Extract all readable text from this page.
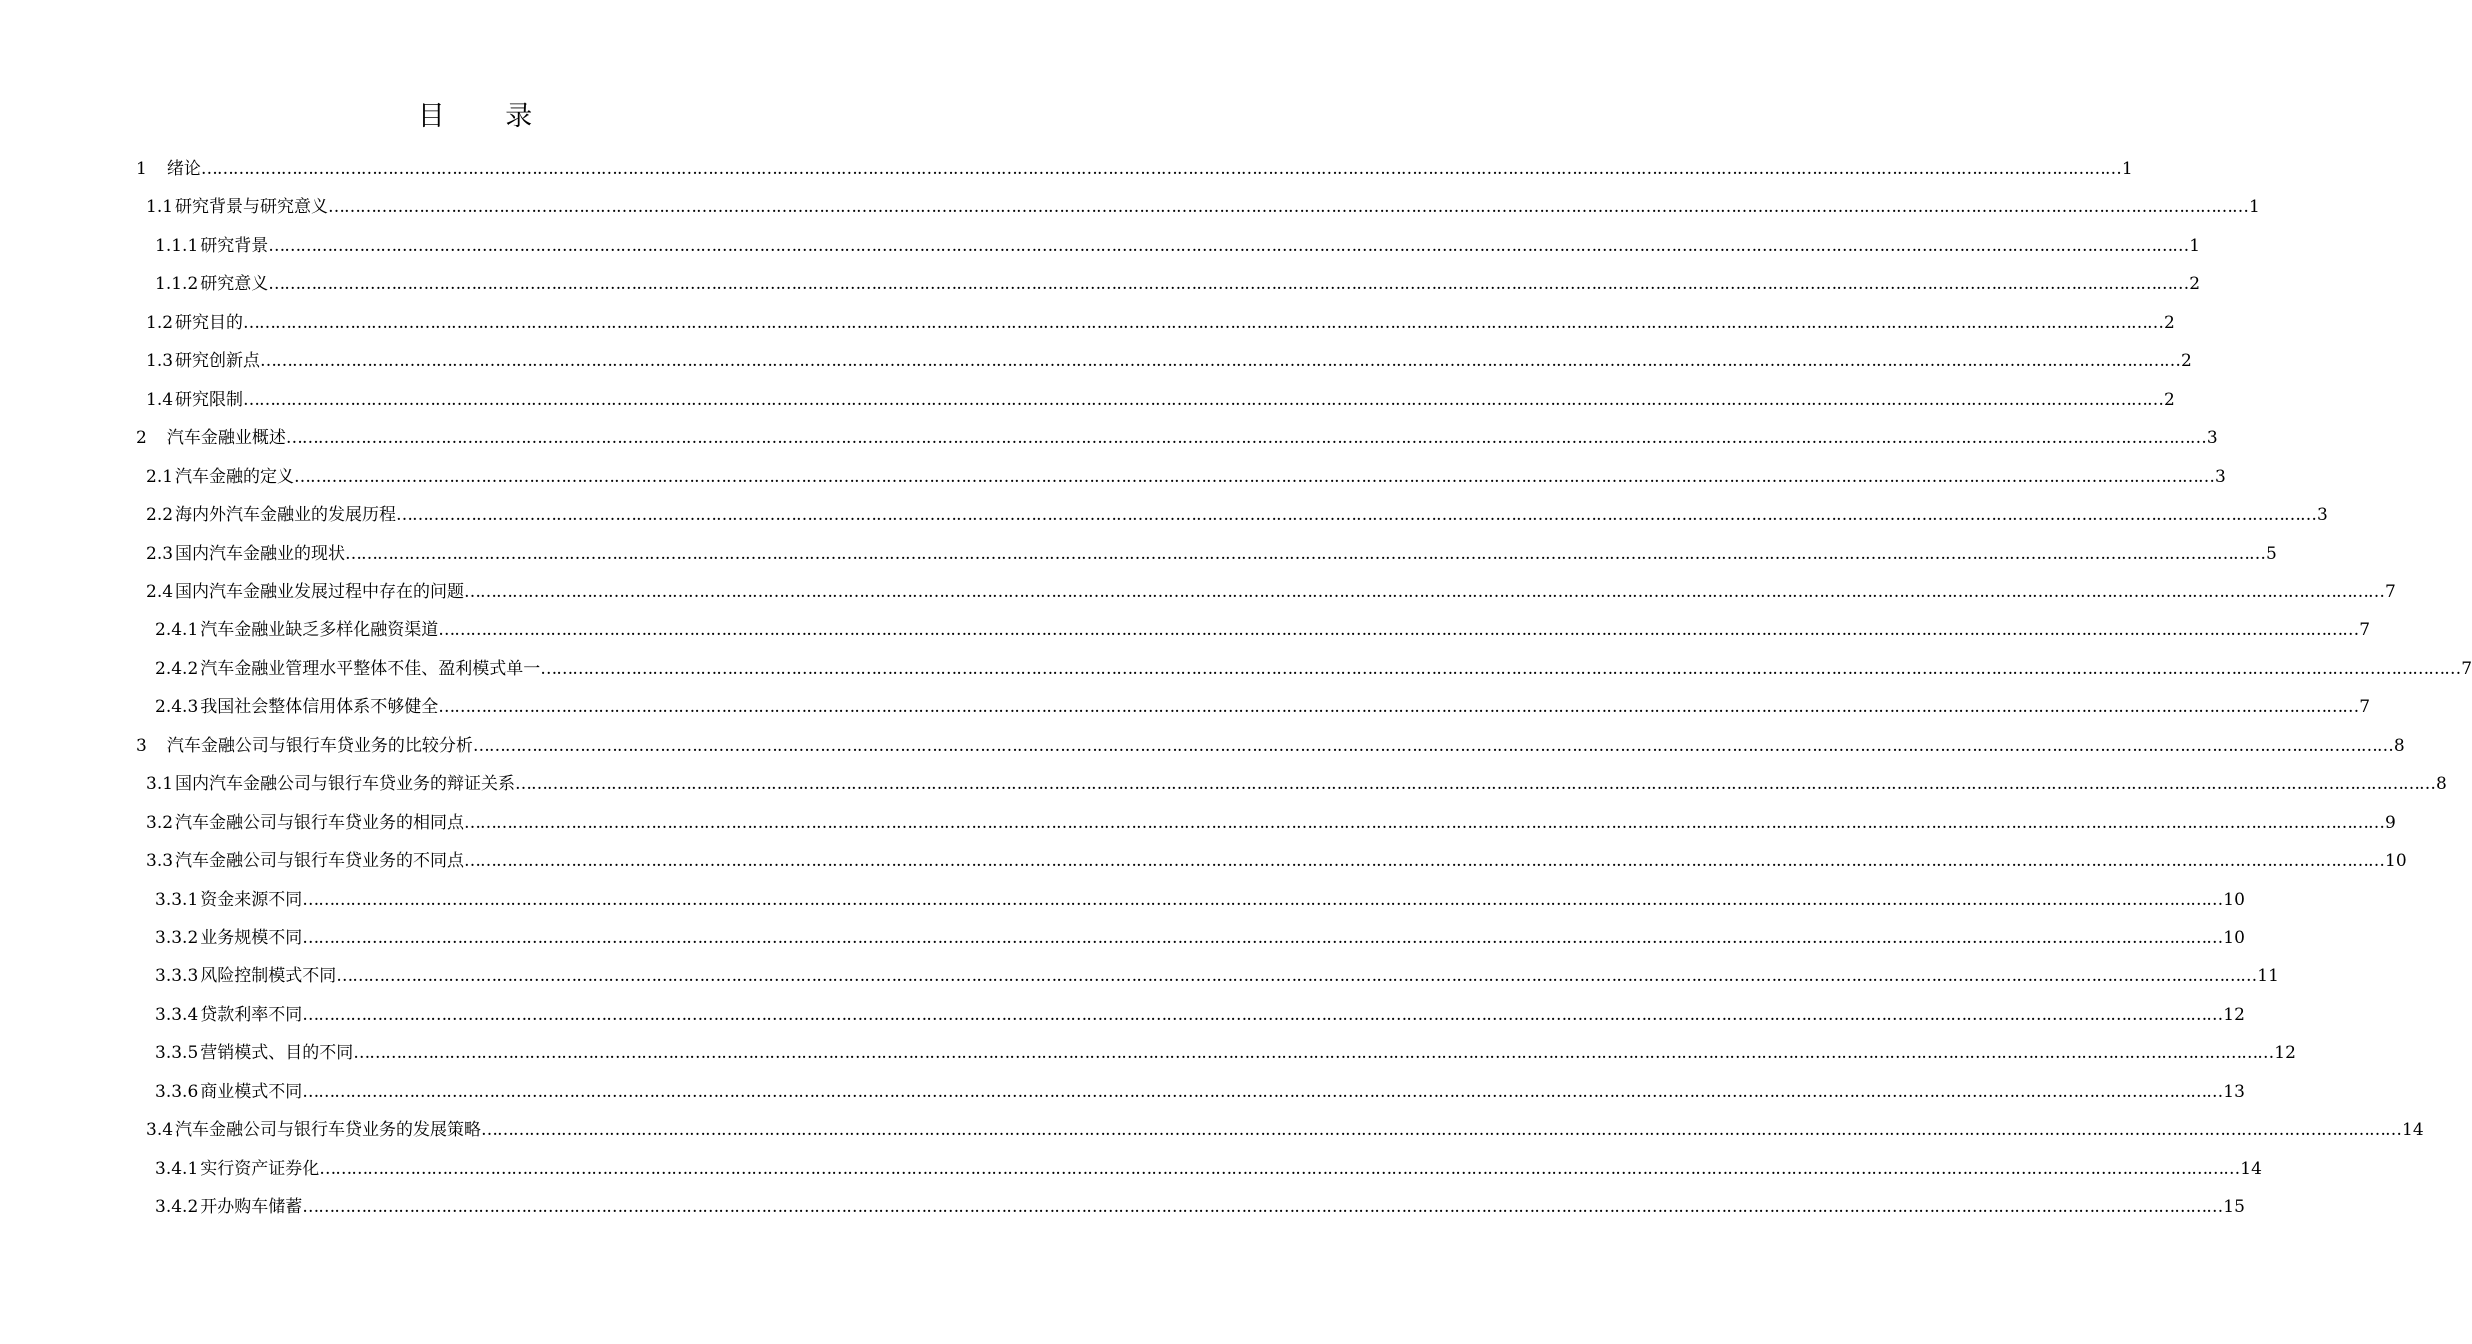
目 录
1 绪论 ……………………………………………………………………………………………………………………………………………………………………………………………………………………………………………………………………………………………………………………………… 1
1.1 研究背景与研究意义 ……………………………………………………………………………………………………………………………………………………………………………………………………………………………………………………………………………………………………………………………… 1
1.1.1 研究背景 ……………………………………………………………………………………………………………………………………………………………………………………………………………………………………………………………………………………………………………………………… 1
1.1.2 研究意义 ……………………………………………………………………………………………………………………………………………………………………………………………………………………………………………………………………………………………………………………………… 2
1.2 研究目的 ……………………………………………………………………………………………………………………………………………………………………………………………………………………………………………………………………………………………………………………………… 2
1.3 研究创新点 ……………………………………………………………………………………………………………………………………………………………………………………………………………………………………………………………………………………………………………………………… 2
1.4 研究限制 ……………………………………………………………………………………………………………………………………………………………………………………………………………………………………………………………………………………………………………………………… 2
2 汽车金融业概述 ……………………………………………………………………………………………………………………………………………………………………………………………………………………………………………………………………………………………………………………………… 3
2.1 汽车金融的定义 ……………………………………………………………………………………………………………………………………………………………………………………………………………………………………………………………………………………………………………………………… 3
2.2 海内外汽车金融业的发展历程 ……………………………………………………………………………………………………………………………………………………………………………………………………………………………………………………………………………………………………………………………… 3
2.3 国内汽车金融业的现状 ……………………………………………………………………………………………………………………………………………………………………………………………………………………………………………………………………………………………………………………………… 5
2.4 国内汽车金融业发展过程中存在的问题 ……………………………………………………………………………………………………………………………………………………………………………………………………………………………………………………………………………………………………………………………… 7
2.4.1 汽车金融业缺乏多样化融资渠道 ……………………………………………………………………………………………………………………………………………………………………………………………………………………………………………………………………………………………………………………………… 7
2.4.2 汽车金融业管理水平整体不佳、盈利模式单一 ……………………………………………………………………………………………………………………………………………………………………………………………………………………………………………………………………………………………………………………………… 7
2.4.3 我国社会整体信用体系不够健全 ……………………………………………………………………………………………………………………………………………………………………………………………………………………………………………………………………………………………………………………………… 7
3 汽车金融公司与银行车贷业务的比较分析 ……………………………………………………………………………………………………………………………………………………………………………………………………………………………………………………………………………………………………………………………… 8
3.1 国内汽车金融公司与银行车贷业务的辩证关系 ……………………………………………………………………………………………………………………………………………………………………………………………………………………………………………………………………………………………………………………………… 8
3.2 汽车金融公司与银行车贷业务的相同点 ……………………………………………………………………………………………………………………………………………………………………………………………………………………………………………………………………………………………………………………………… 9
3.3 汽车金融公司与银行车贷业务的不同点 ……………………………………………………………………………………………………………………………………………………………………………………………………………………………………………………………………………………………………………………………… 10
3.3.1 资金来源不同 ……………………………………………………………………………………………………………………………………………………………………………………………………………………………………………………………………………………………………………………………… 10
3.3.2 业务规模不同 ……………………………………………………………………………………………………………………………………………………………………………………………………………………………………………………………………………………………………………………………… 10
3.3.3 风险控制模式不同 ……………………………………………………………………………………………………………………………………………………………………………………………………………………………………………………………………………………………………………………………… 11
3.3.4 贷款利率不同 ……………………………………………………………………………………………………………………………………………………………………………………………………………………………………………………………………………………………………………………………… 12
3.3.5 营销模式、目的不同 ……………………………………………………………………………………………………………………………………………………………………………………………………………………………………………………………………………………………………………………………… 12
3.3.6 商业模式不同 ……………………………………………………………………………………………………………………………………………………………………………………………………………………………………………………………………………………………………………………………… 13
3.4 汽车金融公司与银行车贷业务的发展策略 ……………………………………………………………………………………………………………………………………………………………………………………………………………………………………………………………………………………………………………………………… 14
3.4.1 实行资产证券化 ……………………………………………………………………………………………………………………………………………………………………………………………………………………………………………………………………………………………………………………………… 14
3.4.2 开办购车储蓄 ……………………………………………………………………………………………………………………………………………………………………………………………………………………………………………………………………………………………………………………………… 15
